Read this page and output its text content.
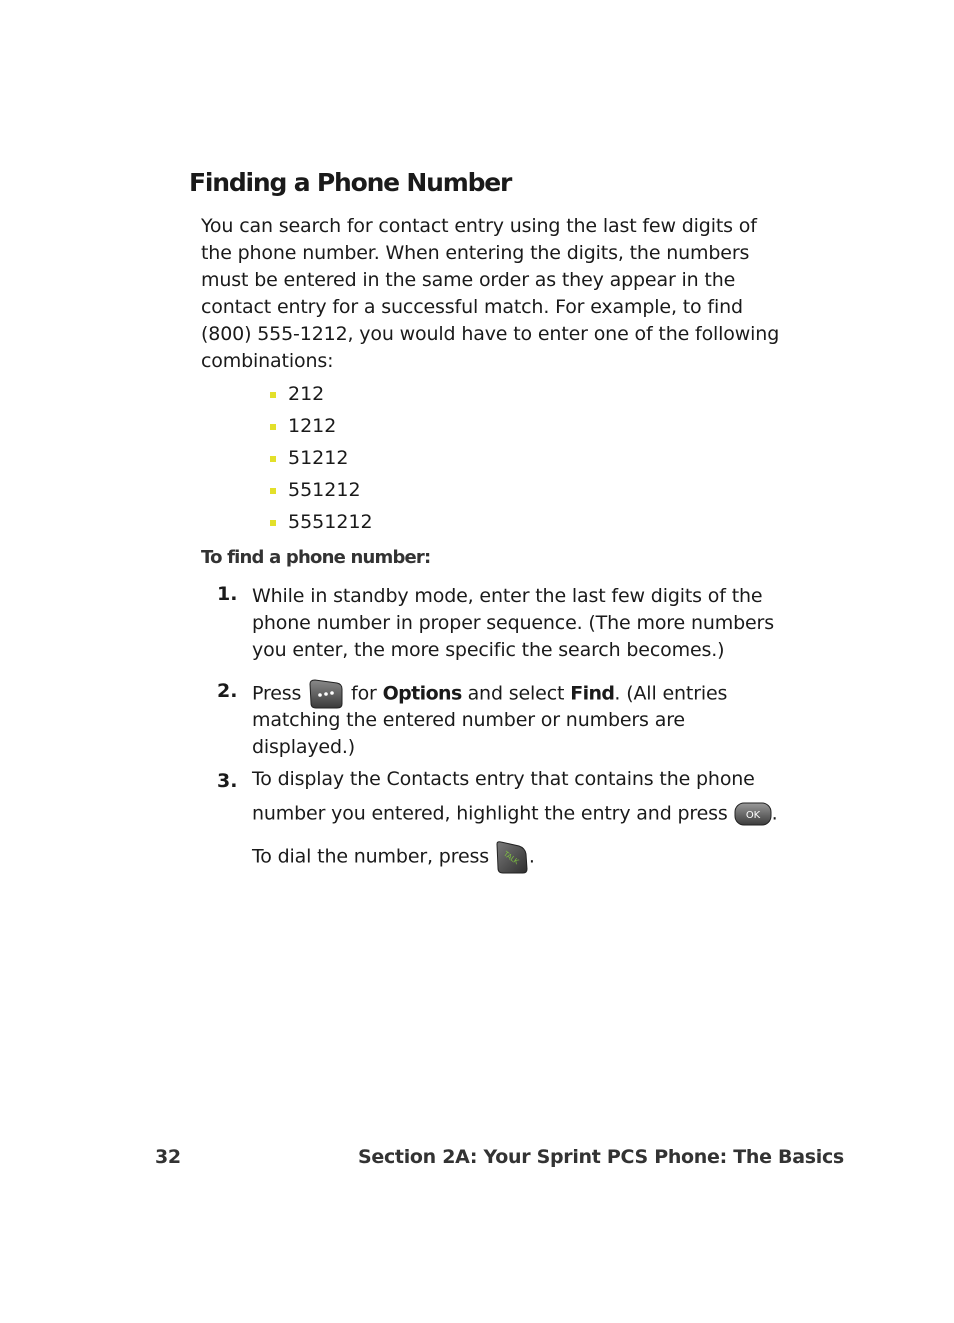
Finding a Phone Number

You can search for contact entry using the last few digits of the phone number. When entering the digits, the numbers must be entered in the same order as they appear in the contact entry for a successful match. For example, to find (800) 555-1212, you would have to enter one of the following combinations:

212
1212
51212
551212
5551212
To find a phone number:
1. While in standby mode, enter the last few digits of the phone number in proper sequence. (The more numbers you enter, the more specific the search becomes.)
2. Press	for Options and select Find. (All entries
matching the entered number or numbers are
displayed.)
3. To display the Contacts entry that contains the phone
number you entered, highlight the entry and press OK .
To dial the number, press TALK .
32	Section 2A: Your Sprint PCS Phone: The Basics
